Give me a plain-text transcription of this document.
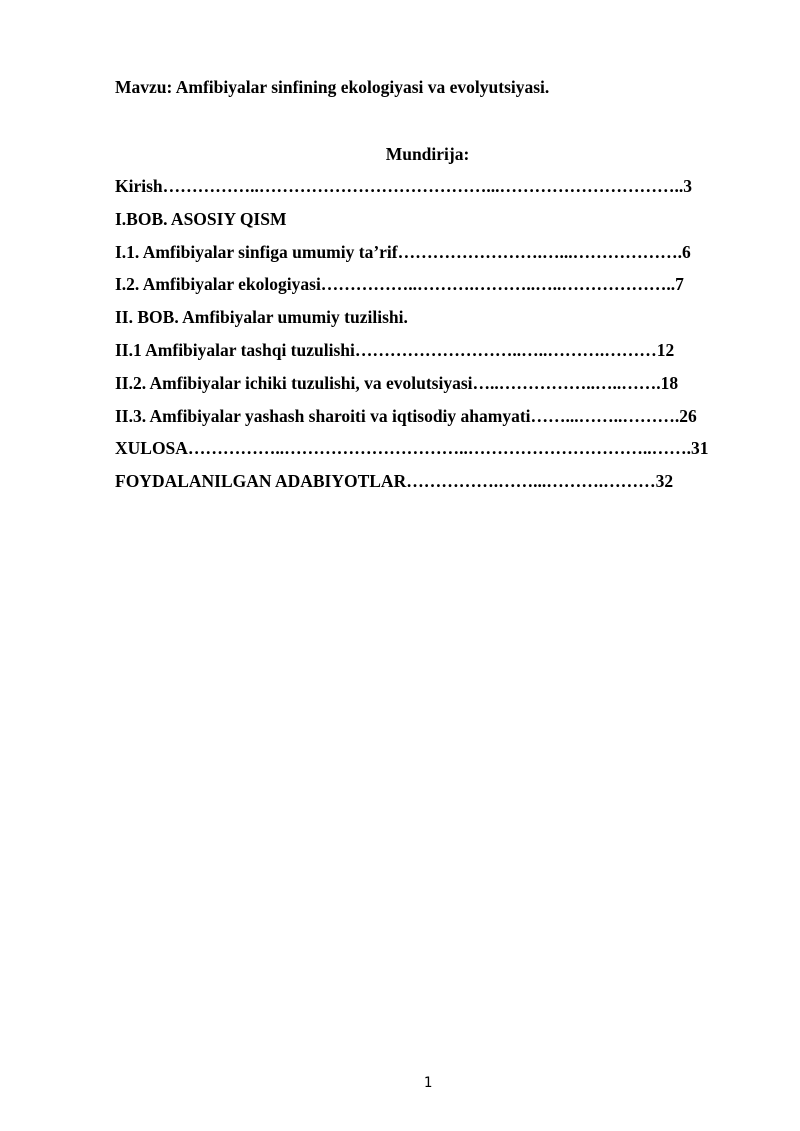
Mavzu: Amfibiyalar sinfining ekologiyasi va evolyutsiyasi.
Mundirija:
Kirish……………..…………………………………...…………………………..3
I.BOB. ASOSIY QISM
I.1. Amfibiyalar sinfiga umumiy ta’rif…………………….…...……………….6
I.2. Amfibiyalar ekologiyasi……………..……….………..…..………………..7
II. BOB. Amfibiyalar umumiy tuzilishi.
II.1 Amfibiyalar tashqi tuzulishi………………………..…..……….………12
II.2. Amfibiyalar ichiki tuzulishi, va evolutsiyasi…..……………..…..…….18
II.3. Amfibiyalar yashash sharoiti va iqtisodiy ahamyati……...……..……….26
XULOSA……………..…………………………..…………………………..…….31
FOYDALANILGAN ADABIYOTLAR…………….……...……….………32
1
